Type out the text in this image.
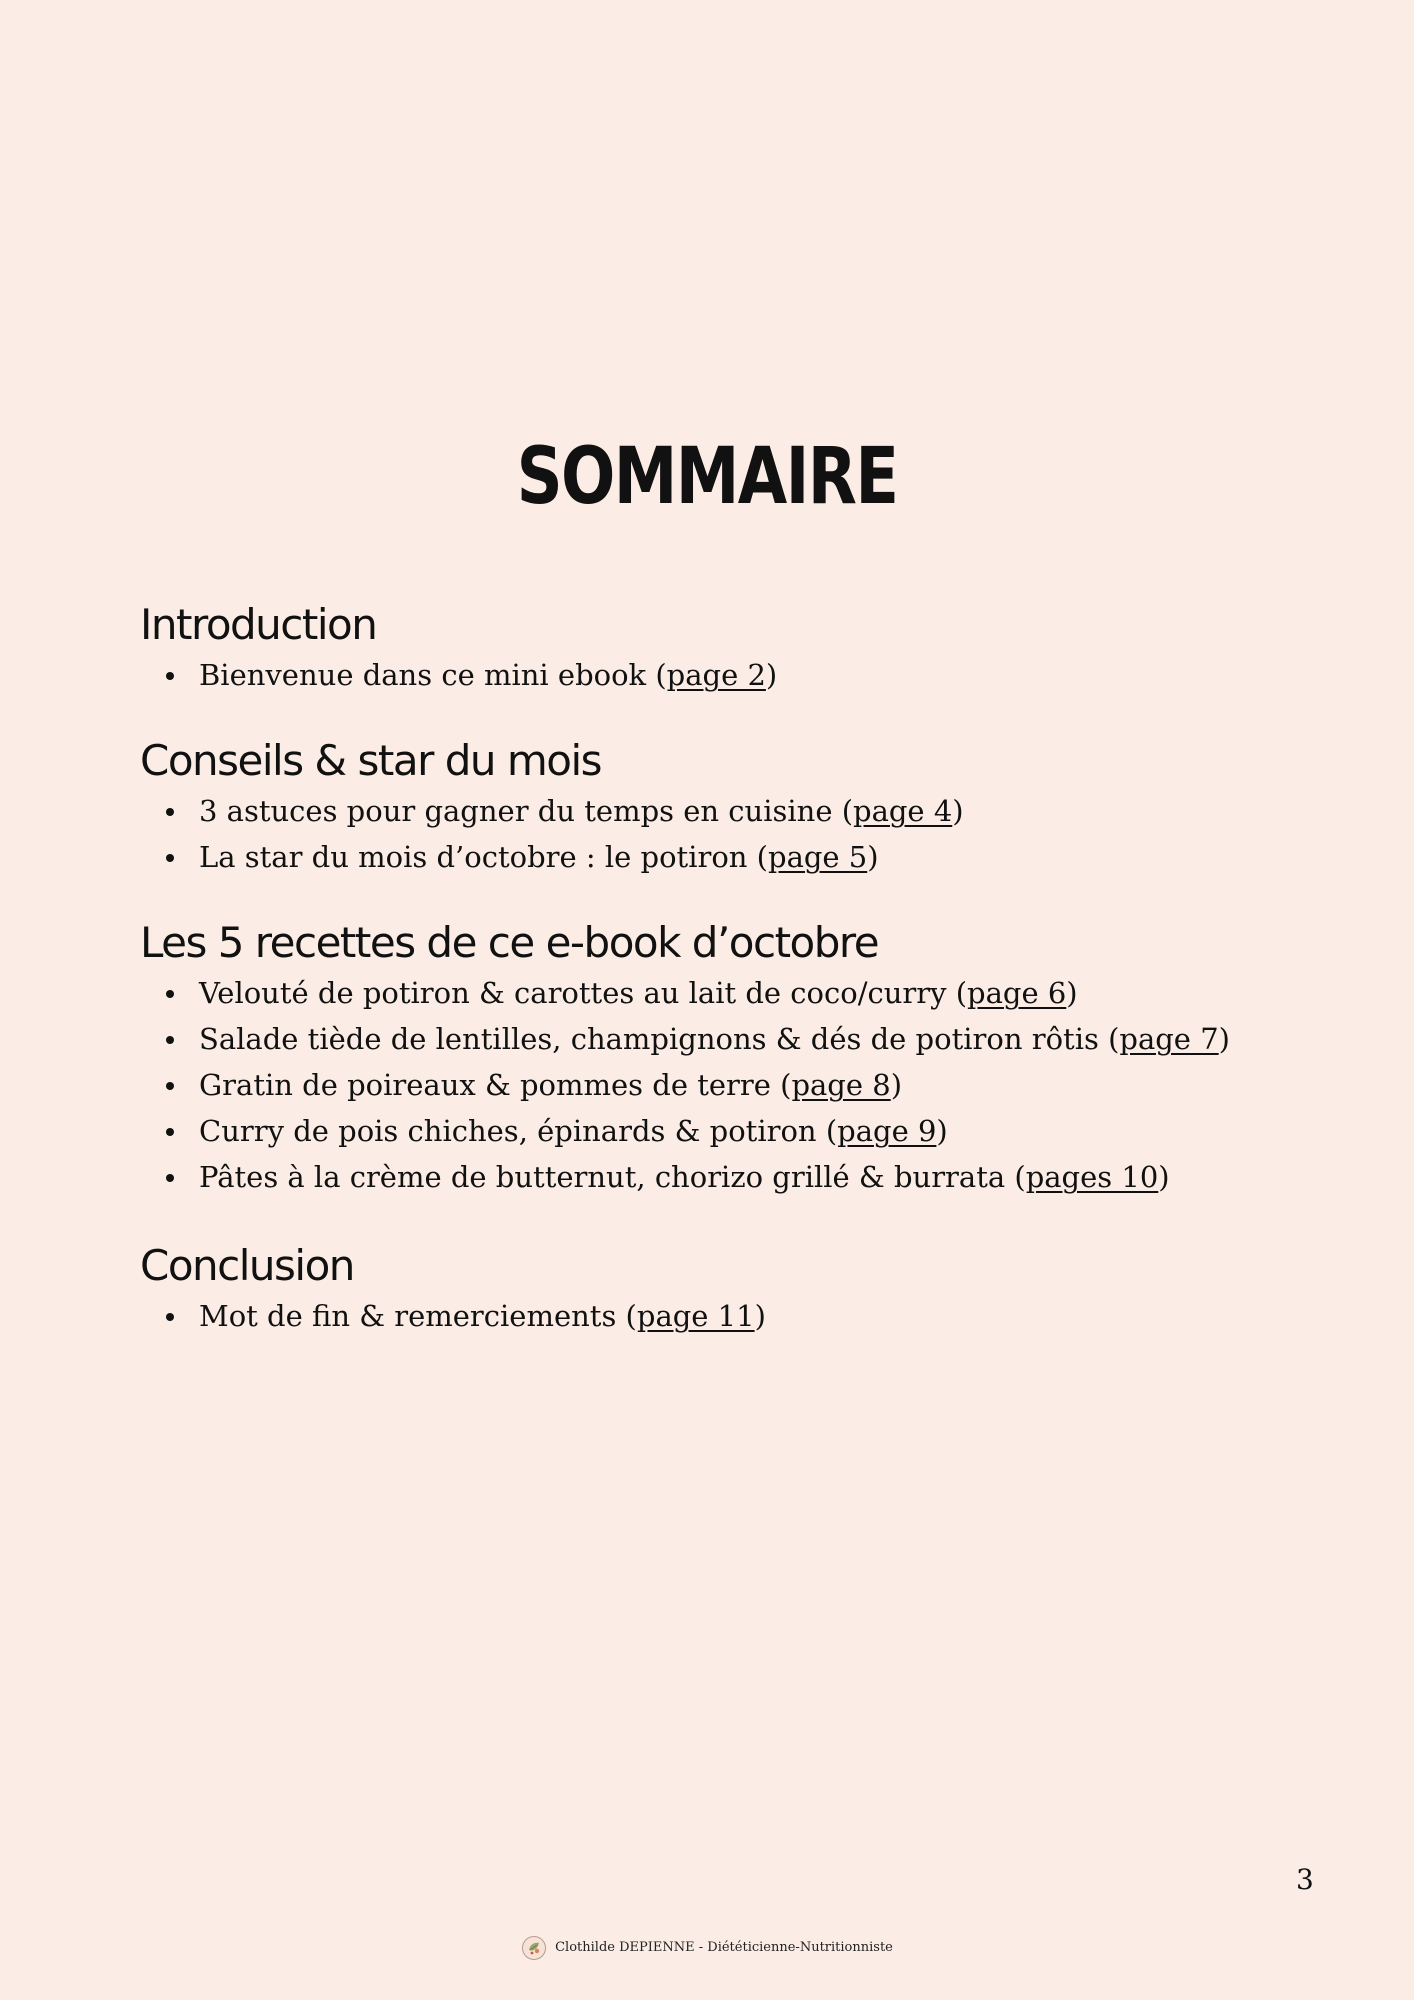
SOMMAIRE
Introduction
Bienvenue dans ce mini ebook (page 2)
Conseils & star du mois
3 astuces pour gagner du temps en cuisine (page 4)
La star du mois d’octobre : le potiron (page 5)
Les 5 recettes de ce e-book d’octobre
Velouté de potiron & carottes au lait de coco/curry (page 6)
Salade tiède de lentilles, champignons & dés de potiron rôtis (page 7)
Gratin de poireaux & pommes de terre (page 8)
Curry de pois chiches, épinards & potiron (page 9)
Pâtes à la crème de butternut, chorizo grillé & burrata (pages 10)
Conclusion
Mot de fin & remerciements (page 11)
3
Clothilde DEPIENNE - Diététicienne-Nutritionniste
